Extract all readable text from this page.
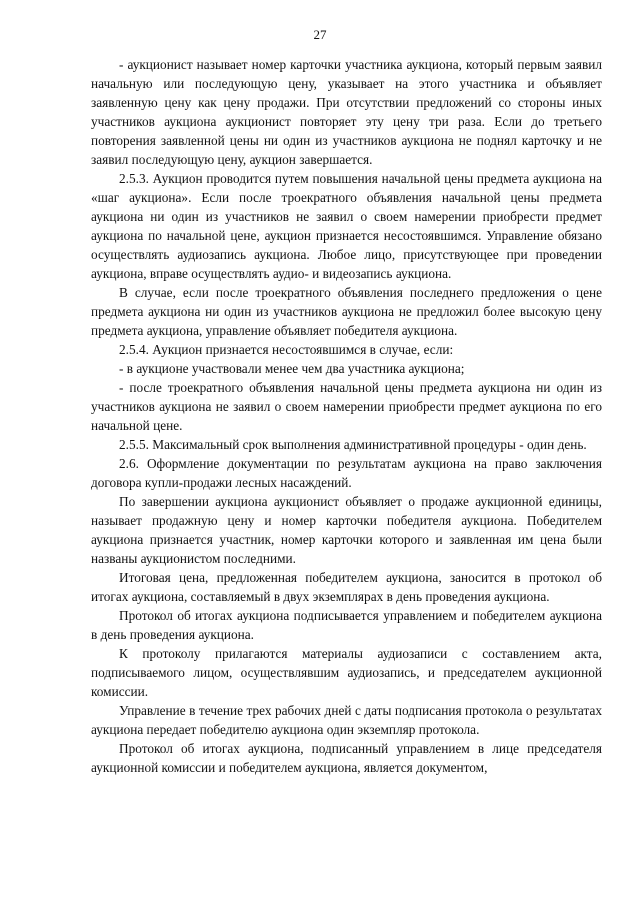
27

- аукционист называет номер карточки участника аукциона, который первым заявил начальную или последующую цену, указывает на этого участника и объявляет заявленную цену как цену продажи. При отсутствии предложений со стороны иных участников аукциона аукционист повторяет эту цену три раза. Если до третьего повторения заявленной цены ни один из участников аукциона не поднял карточку и не заявил последующую цену, аукцион завершается.

2.5.3. Аукцион проводится путем повышения начальной цены предмета аукциона на «шаг аукциона». Если после троекратного объявления начальной цены предмета аукциона ни один из участников не заявил о своем намерении приобрести предмет аукциона по начальной цене, аукцион признается несостоявшимся. Управление обязано осуществлять аудиозапись аукциона. Любое лицо, присутствующее при проведении аукциона, вправе осуществлять аудио- и видеозапись аукциона.

В случае, если после троекратного объявления последнего предложения о цене предмета аукциона ни один из участников аукциона не предложил более высокую цену предмета аукциона, управление объявляет победителя аукциона.

2.5.4. Аукцион признается несостоявшимся в случае, если:

- в аукционе участвовали менее чем два участника аукциона;

- после троекратного объявления начальной цены предмета аукциона ни один из участников аукциона не заявил о своем намерении приобрести предмет аукциона по его начальной цене.

2.5.5. Максимальный срок выполнения административной процедуры - один день.

2.6. Оформление документации по результатам аукциона на право заключения договора купли-продажи лесных насаждений.

По завершении аукциона аукционист объявляет о продаже аукционной единицы, называет продажную цену и номер карточки победителя аукциона. Победителем аукциона признается участник, номер карточки которого и заявленная им цена были названы аукционистом последними.

Итоговая цена, предложенная победителем аукциона, заносится в протокол об итогах аукциона, составляемый в двух экземплярах в день проведения аукциона.

Протокол об итогах аукциона подписывается управлением и победителем аукциона в день проведения аукциона.

К протоколу прилагаются материалы аудиозаписи с составлением акта, подписываемого лицом, осуществлявшим аудиозапись, и председателем аукционной комиссии.

Управление в течение трех рабочих дней с даты подписания протокола о результатах аукциона передает победителю аукциона один экземпляр протокола.

Протокол об итогах аукциона, подписанный управлением в лице председателя аукционной комиссии и победителем аукциона, является документом,
